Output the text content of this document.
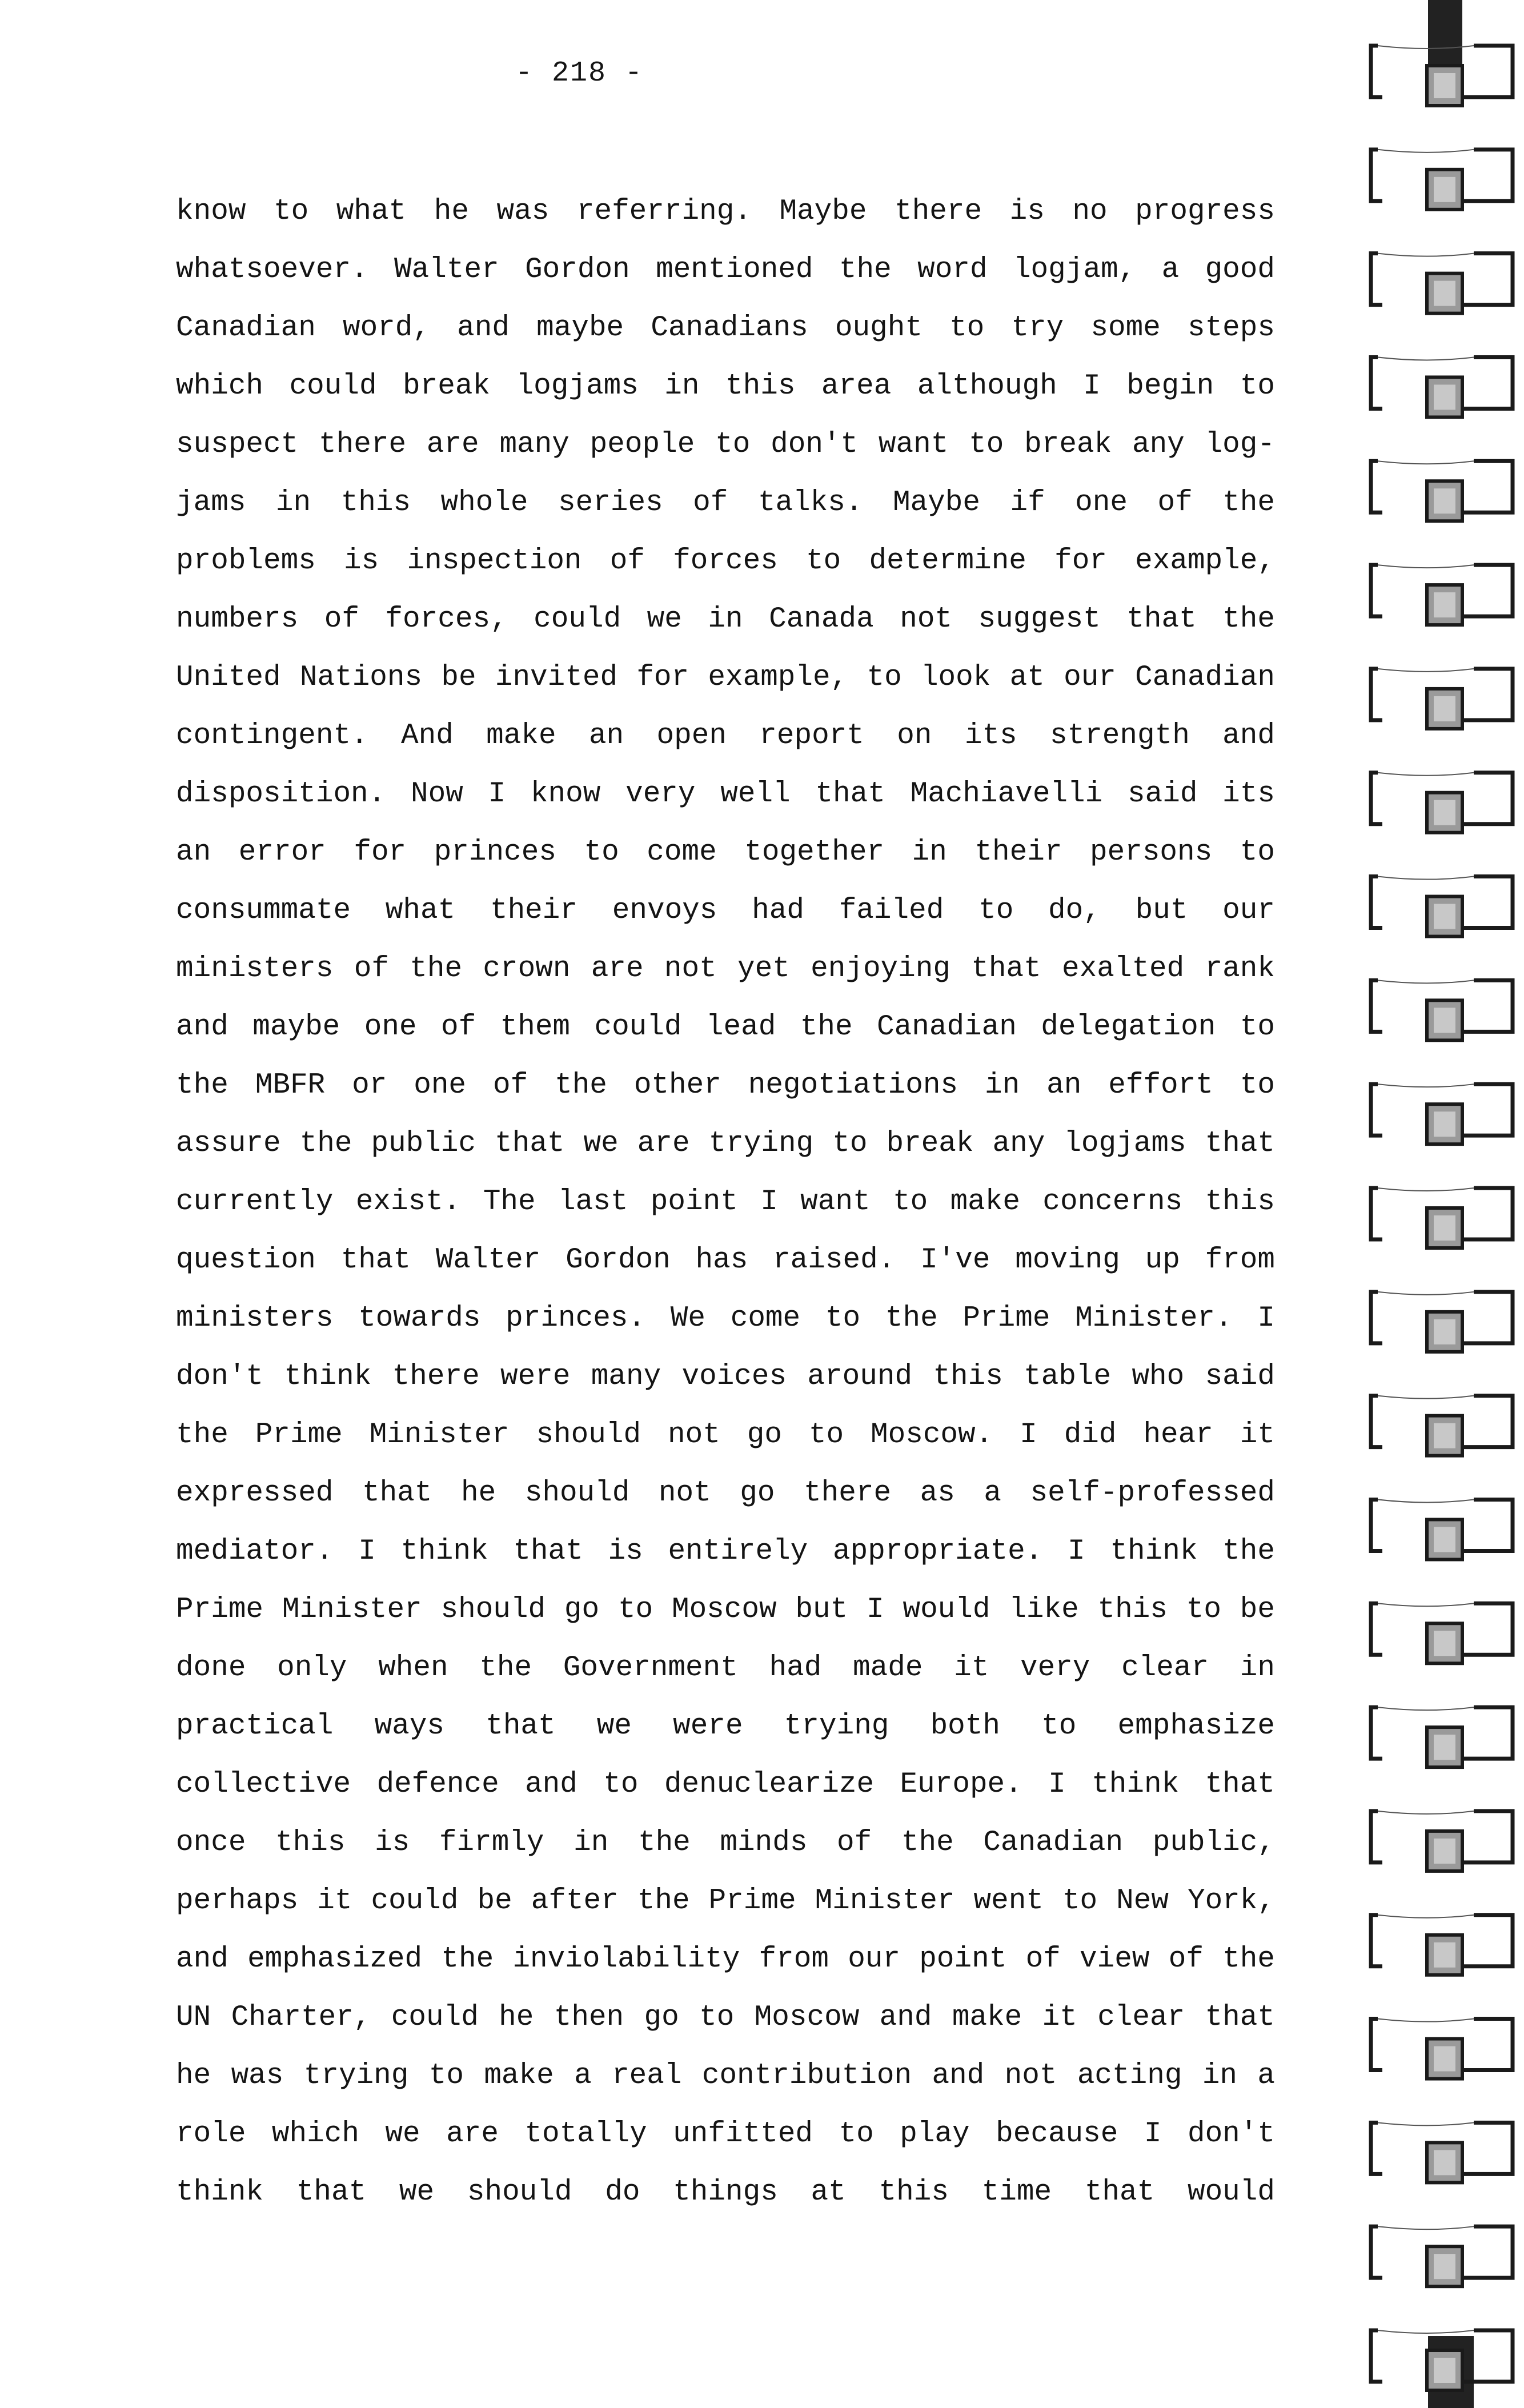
- 218 -
know to what he was referring. Maybe there is no progress
whatsoever. Walter Gordon mentioned the word logjam, a good
Canadian word, and maybe Canadians ought to try some steps
which could break logjams in this area although I begin to
suspect there are many people to don't want to break any log-
jams in this whole series of talks. Maybe if one of the
problems is inspection of forces to determine for example,
numbers of forces, could we in Canada not suggest that the
United Nations be invited for example, to look at our Canadian
contingent. And make an open report on its strength and
disposition. Now I know very well that Machiavelli said its
an error for princes to come together in their persons to
consummate what their envoys had failed to do, but our
ministers of the crown are not yet enjoying that exalted rank
and maybe one of them could lead the Canadian delegation to
the MBFR or one of the other negotiations in an effort to
assure the public that we are trying to break any logjams that
currently exist. The last point I want to make concerns this
question that Walter Gordon has raised. I've moving up from
ministers towards princes. We come to the Prime Minister. I
don't think there were many voices around this table who said
the Prime Minister should not go to Moscow. I did hear it
expressed that he should not go there as a self-professed
mediator. I think that is entirely appropriate. I think the
Prime Minister should go to Moscow but I would like this to be
done only when the Government had made it very clear in
practical ways that we were trying both to emphasize
collective defence and to denuclearize Europe. I think that
once this is firmly in the minds of the Canadian public,
perhaps it could be after the Prime Minister went to New York,
and emphasized the inviolability from our point of view of the
UN Charter, could he then go to Moscow and make it clear that
he was trying to make a real contribution and not acting in a
role which we are totally unfitted to play because I don't
think that we should do things at this time that would
